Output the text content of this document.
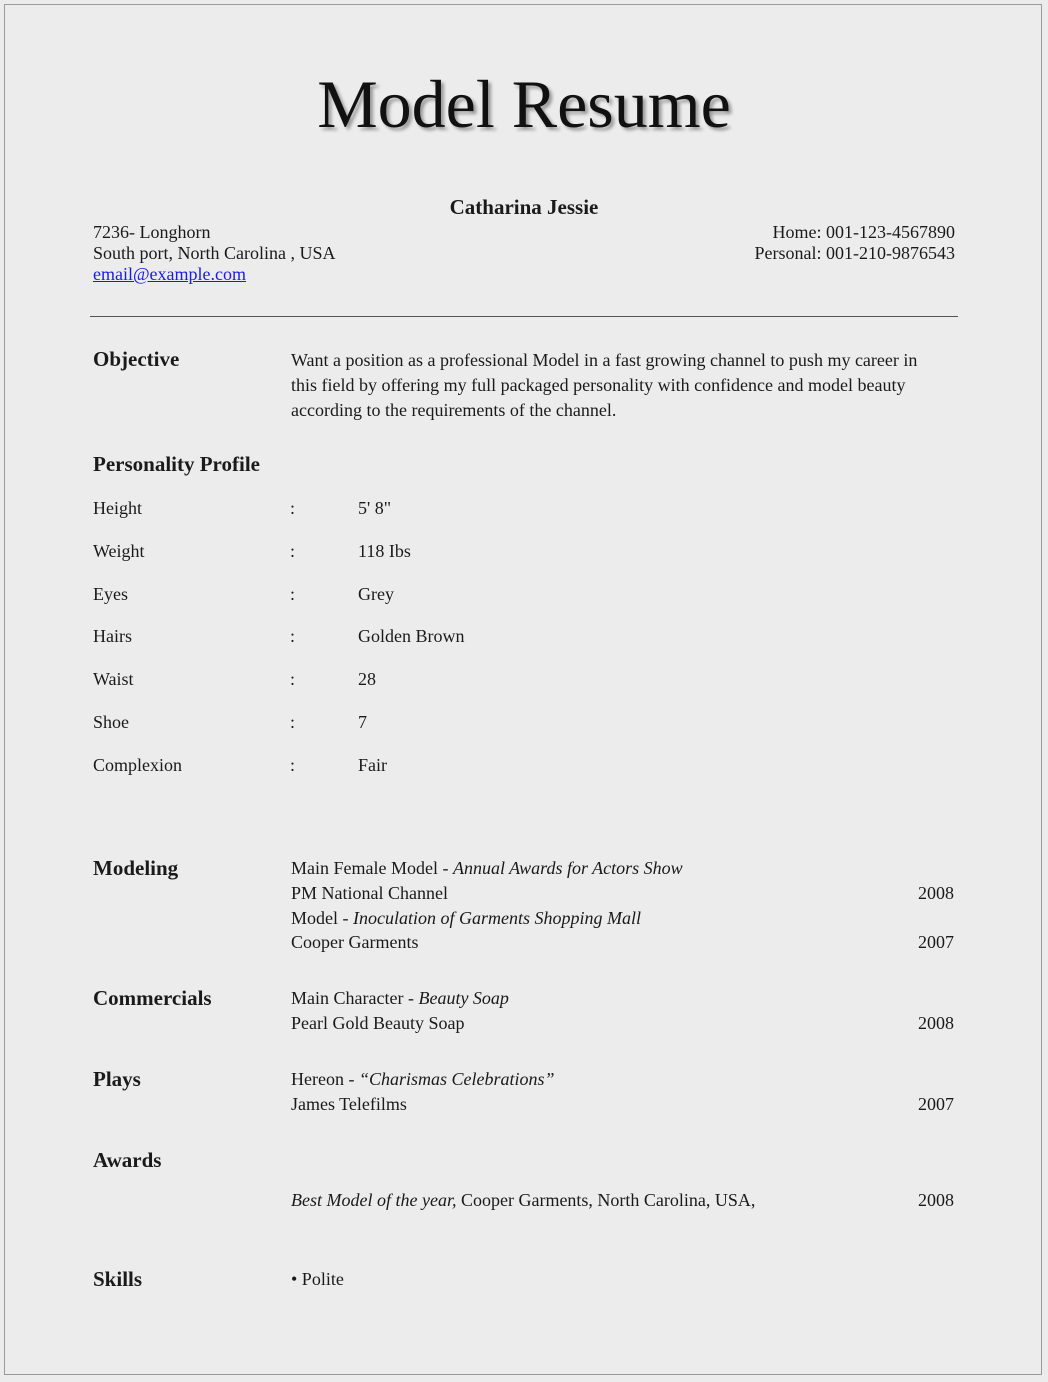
Model Resume
Catharina Jessie
7236- Longhorn
South port, North Carolina , USA
email@example.com
Home: 001-123-4567890
Personal: 001-210-9876543
Objective	Want a position as a professional Model in a fast growing channel to push my career in this field by offering my full packaged personality with confidence and model beauty according to the requirements of the channel.
Personality Profile
Height	:	5' 8"
Weight	:	118 Ibs
Eyes	:	Grey
Hairs	:	Golden Brown
Waist	:	28
Shoe	:	7
Complexion	:	Fair
Modeling	Main Female Model - Annual Awards for Actors Show
PM National Channel	2008
Model - Inoculation of Garments Shopping Mall
Cooper Garments	2007
Commercials	Main Character - Beauty Soap
Pearl Gold Beauty Soap	2008
Plays	Hereon - “Charismas Celebrations”
James Telefilms	2007
Awards
Best Model of the year, Cooper Garments, North Carolina, USA,	2008
Skills	• Polite
